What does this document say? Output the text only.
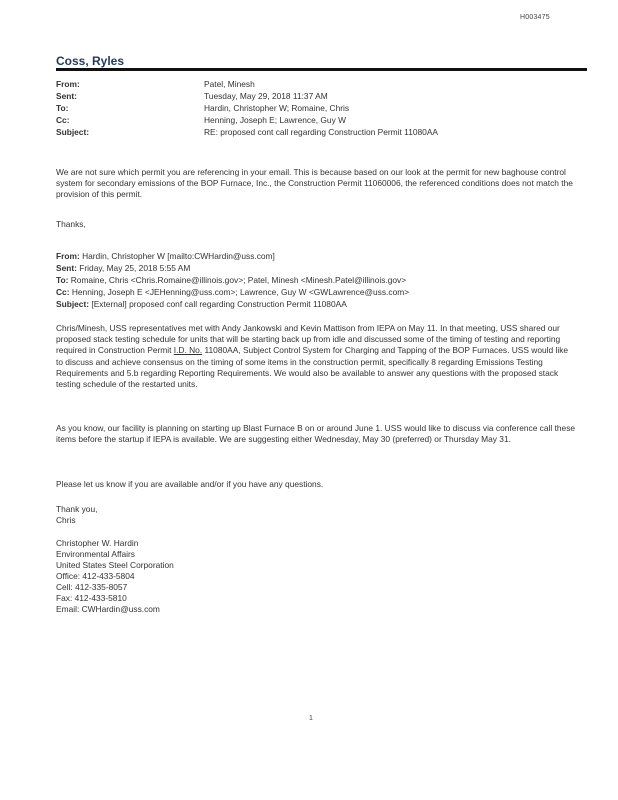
H003475
Coss, Ryles
From:	Patel, Minesh
Sent:	Tuesday, May 29, 2018 11:37 AM
To:	Hardin, Christopher W; Romaine, Chris
Cc:	Henning, Joseph E; Lawrence, Guy W
Subject:	RE: proposed cont call regarding Construction Permit 11080AA

We are not sure which permit you are referencing in your email. This is because based on our look at the permit for new baghouse control system for secondary emissions of the BOP Furnace, Inc., the Construction Permit 11060006, the referenced conditions does not match the provision of this permit.

Thanks,
From: Hardin, Christopher W [mailto:CWHardin@uss.com]
Sent: Friday, May 25, 2018 5:55 AM
To: Romaine, Chris <Chris.Romaine@illinois.gov>; Patel, Minesh <Minesh.Patel@illinois.gov>
Cc: Henning, Joseph E <JEHenning@uss.com>; Lawrence, Guy W <GWLawrence@uss.com>
Subject: [External] proposed conf call regarding Construction Permit 11080AA

Chris/Minesh, USS representatives met with Andy Jankowski and Kevin Mattison from IEPA on May 11. In that meeting, USS shared our proposed stack testing schedule for units that will be starting back up from idle and discussed some of the timing of testing and reporting required in Construction Permit I.D. No. 11080AA, Subject Control System for Charging and Tapping of the BOP Furnaces. USS would like to discuss and achieve consensus on the timing of some items in the construction permit, specifically 8 regarding Emissions Testing Requirements and 5.b regarding Reporting Requirements. We would also be available to answer any questions with the proposed stack testing schedule of the restarted units.

As you know, our facility is planning on starting up Blast Furnace B on or around June 1. USS would like to discuss via conference call these items before the startup if IEPA is available. We are suggesting either Wednesday, May 30 (preferred) or Thursday May 31.

Please let us know if you are available and/or if you have any questions.

Thank you,
Chris
Christopher W. Hardin
Environmental Affairs
United States Steel Corporation
Office: 412-433-5804
Cell: 412-335-8057
Fax: 412-433-5810
Email: CWHardin@uss.com
1
